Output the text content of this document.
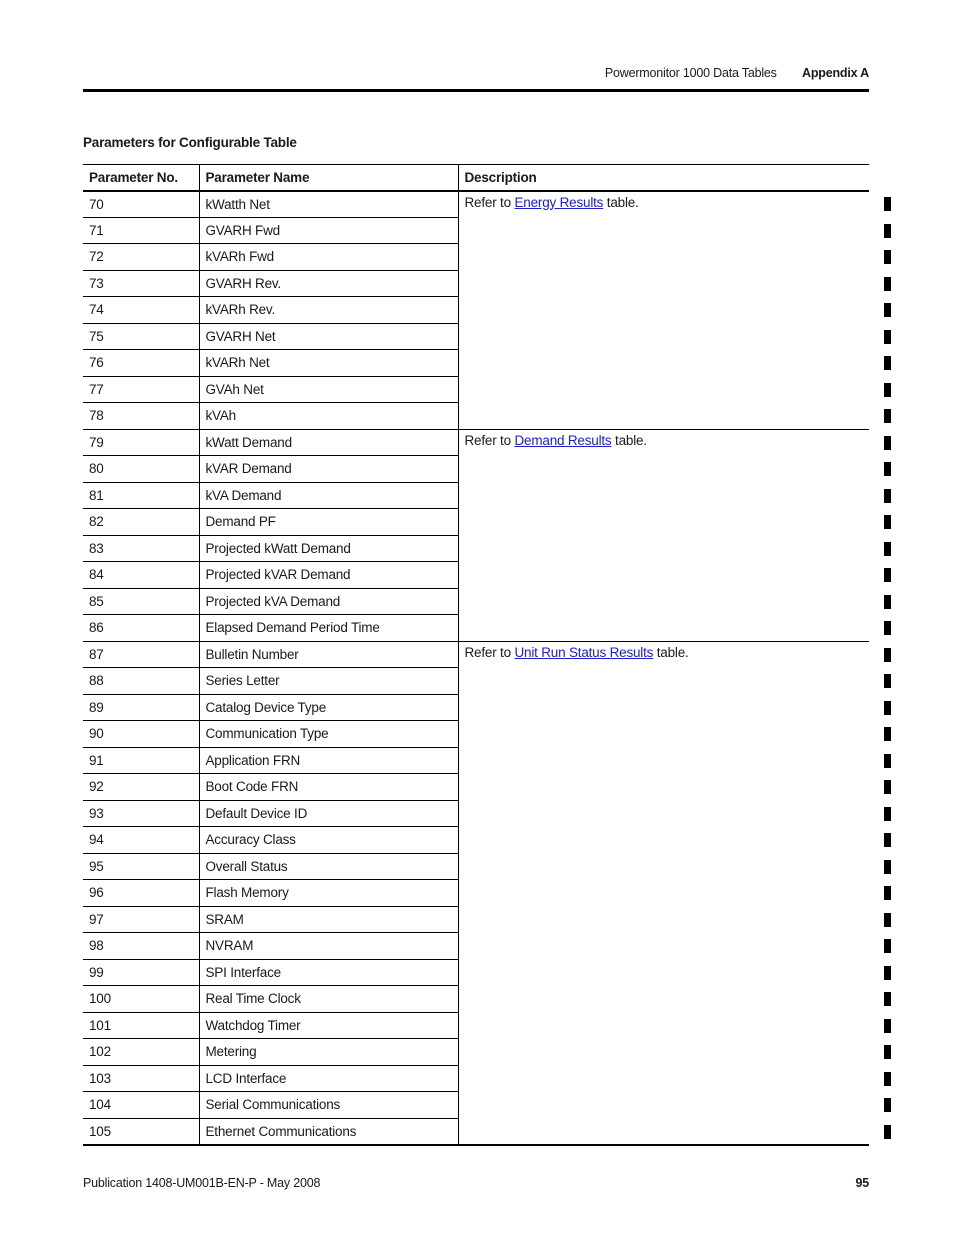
Powermonitor 1000 Data Tables Appendix A
Parameters for Configurable Table
Parameter No.	Parameter Name	Description
70	kWatth Net	Refer to Energy Results table.
71	GVARH Fwd	
72	kVARh Fwd	
73	GVARH Rev.	
74	kVARh Rev.	
75	GVARH Net	
76	kVARh Net	
77	GVAh Net	
78	kVAh	
79	kWatt Demand	Refer to Demand Results table.
80	kVAR Demand	
81	kVA Demand	
82	Demand PF	
83	Projected kWatt Demand	
84	Projected kVAR Demand	
85	Projected kVA Demand	
86	Elapsed Demand Period Time	
87	Bulletin Number	Refer to Unit Run Status Results table.
88	Series Letter	
89	Catalog Device Type	
90	Communication Type	
91	Application FRN	
92	Boot Code FRN	
93	Default Device ID	
94	Accuracy Class	
95	Overall Status	
96	Flash Memory	
97	SRAM	
98	NVRAM	
99	SPI Interface	
100	Real Time Clock	
101	Watchdog Timer	
102	Metering	
103	LCD Interface	
104	Serial Communications	
105	Ethernet Communications	
Publication 1408-UM001B-EN-P - May 2008	95
